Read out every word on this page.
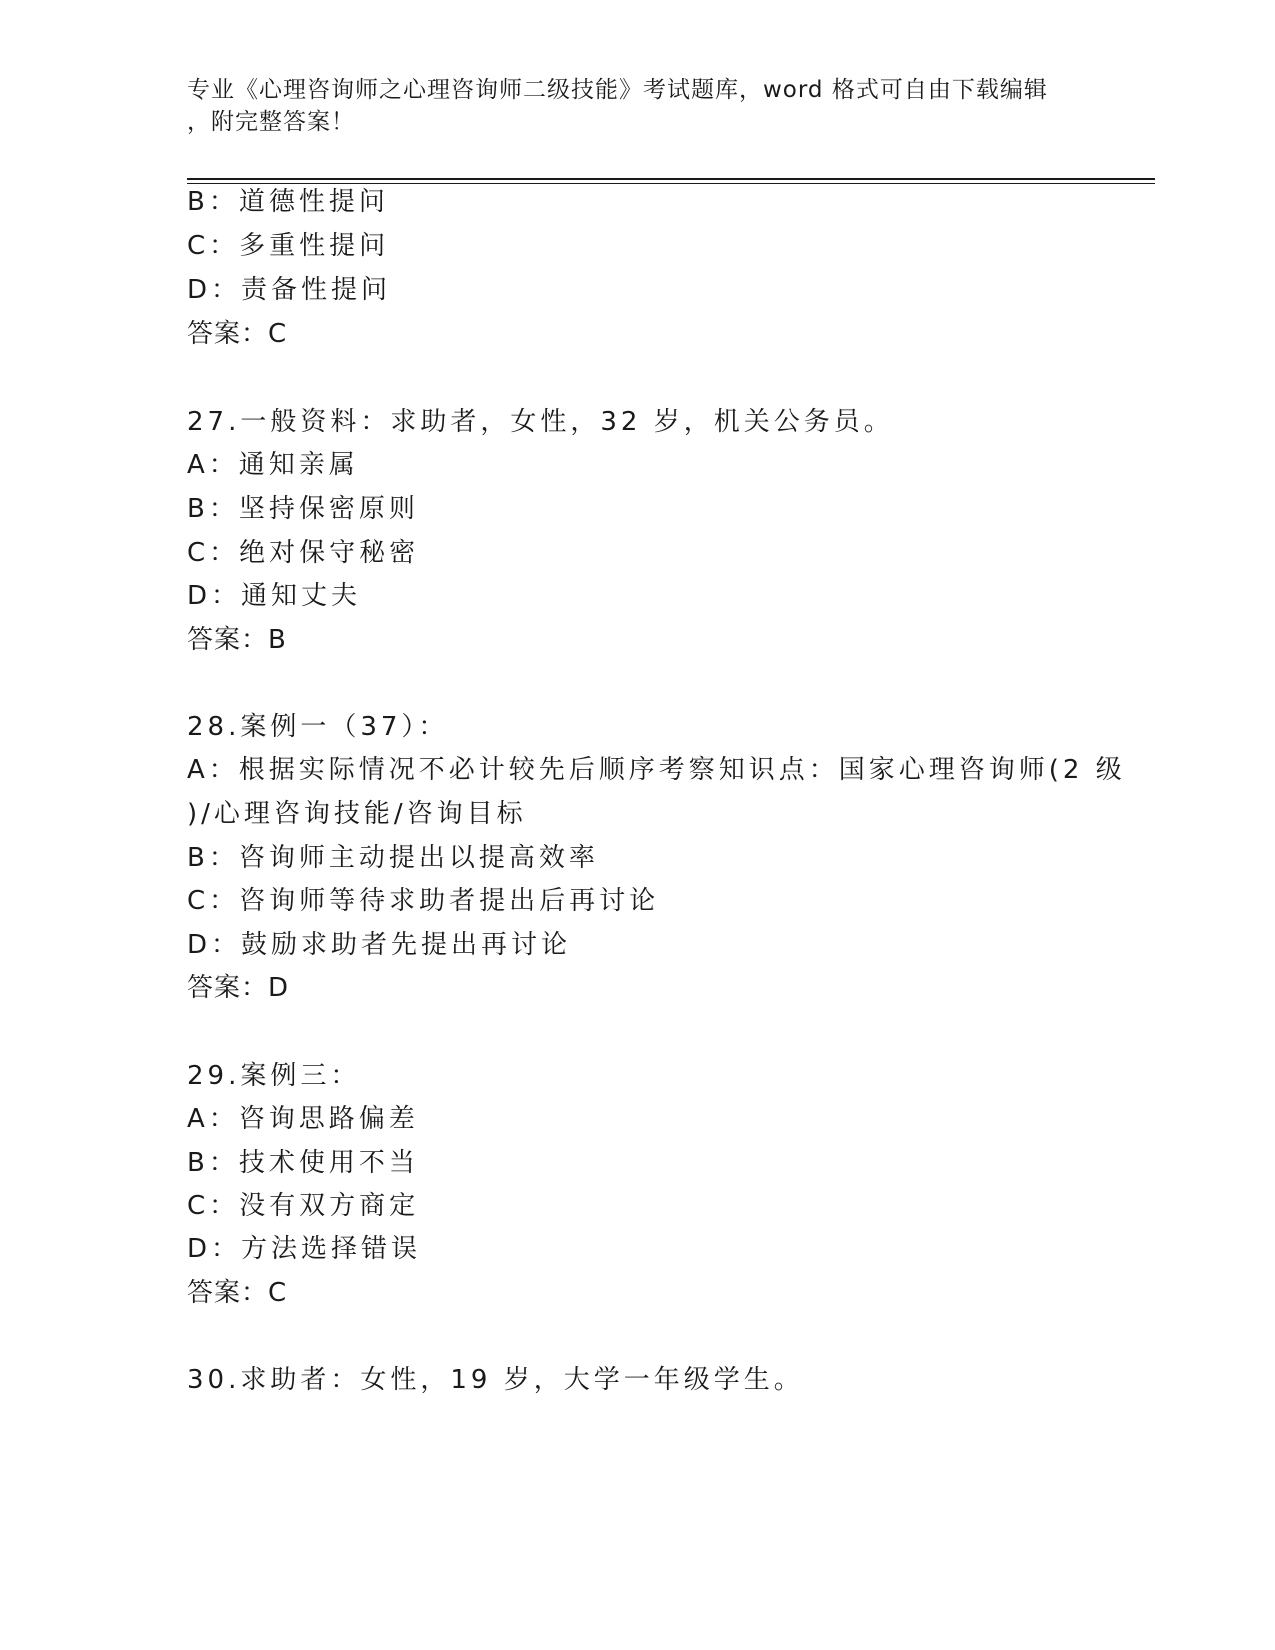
专业《心理咨询师之心理咨询师二级技能》考试题库，word 格式可自由下载编辑
，附完整答案！
B：道德性提问
C：多重性提问
D：责备性提问
答案：C
27.一般资料：求助者，女性，32 岁，机关公务员。
A：通知亲属
B：坚持保密原则
C：绝对保守秘密
D：通知丈夫
答案：B
28.案例一（37）：
A：根据实际情况不必计较先后顺序考察知识点：国家心理咨询师(2 级
)/心理咨询技能/咨询目标
B：咨询师主动提出以提高效率
C：咨询师等待求助者提出后再讨论
D：鼓励求助者先提出再讨论
答案：D
29.案例三：
A：咨询思路偏差
B：技术使用不当
C：没有双方商定
D：方法选择错误
答案：C
30.求助者：女性，19 岁，大学一年级学生。
